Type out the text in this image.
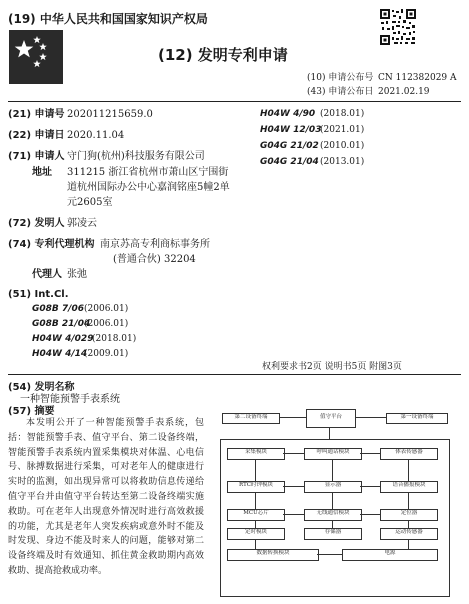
(19) 中华人民共和国国家知识产权局
(12) 发明专利申请
(10) 申请公布号 CN 112382029 A
(43) 申请公布日 2021.02.19
(21) 申请号 202011215659.0
(22) 申请日 2020.11.04
(71) 申请人 守门狗(杭州)科技服务有限公司
地址 311215 浙江省杭州市萧山区宁围街
道杭州国际办公中心嘉润铭座5幢2单
元2605室
(72) 发明人 郭凌云
(74) 专利代理机构 南京苏高专利商标事务所
(普通合伙) 32204
代理人 张弛
(51) Int.Cl.
G08B 7/06 (2006.01)
G08B 21/04
(2006.01)
H04W 4/029
(2018.01)
H04W 4/14
(2009.01)
H04W 4/90 (2018.01)
H04W 12/03
(2021.01)
G04G 21/02 (2010.01)
G04G 21/04 (2013.01)
权利要求书2页 说明书5页 附图3页
(54) 发明名称
一种智能预警手表系统
(57) 摘要
本发明公开了一种智能预警手表系统，包括：智能预警手表、值守平台、第二设备终端，智能预警手表系统内置采集模块对体温、心电信号、脉搏数据进行采集，可对老年人的健康进行实时的监测，如出现异常可以将救助信息传递给值守平台并由值守平台转达至第二设备终端实施救助。可在老年人出现意外情况时进行高效救援的功能，尤其是老年人突发疾病或意外时不能及时发现、身边不能及时来人的问题，能够对第二设备终端及时有效通知、抓住黄金救助期内高效救助、提高抢救成功率。
第二设备终端	值守平台	第一设备终端
采集模块	呼叫通话模块	体表传感器
RTC时钟模块	显示器	语音播报模块
MCU芯片	无线通信模块	定位器
定时模块	存储器	运动传感器
数据转换模块	电源
